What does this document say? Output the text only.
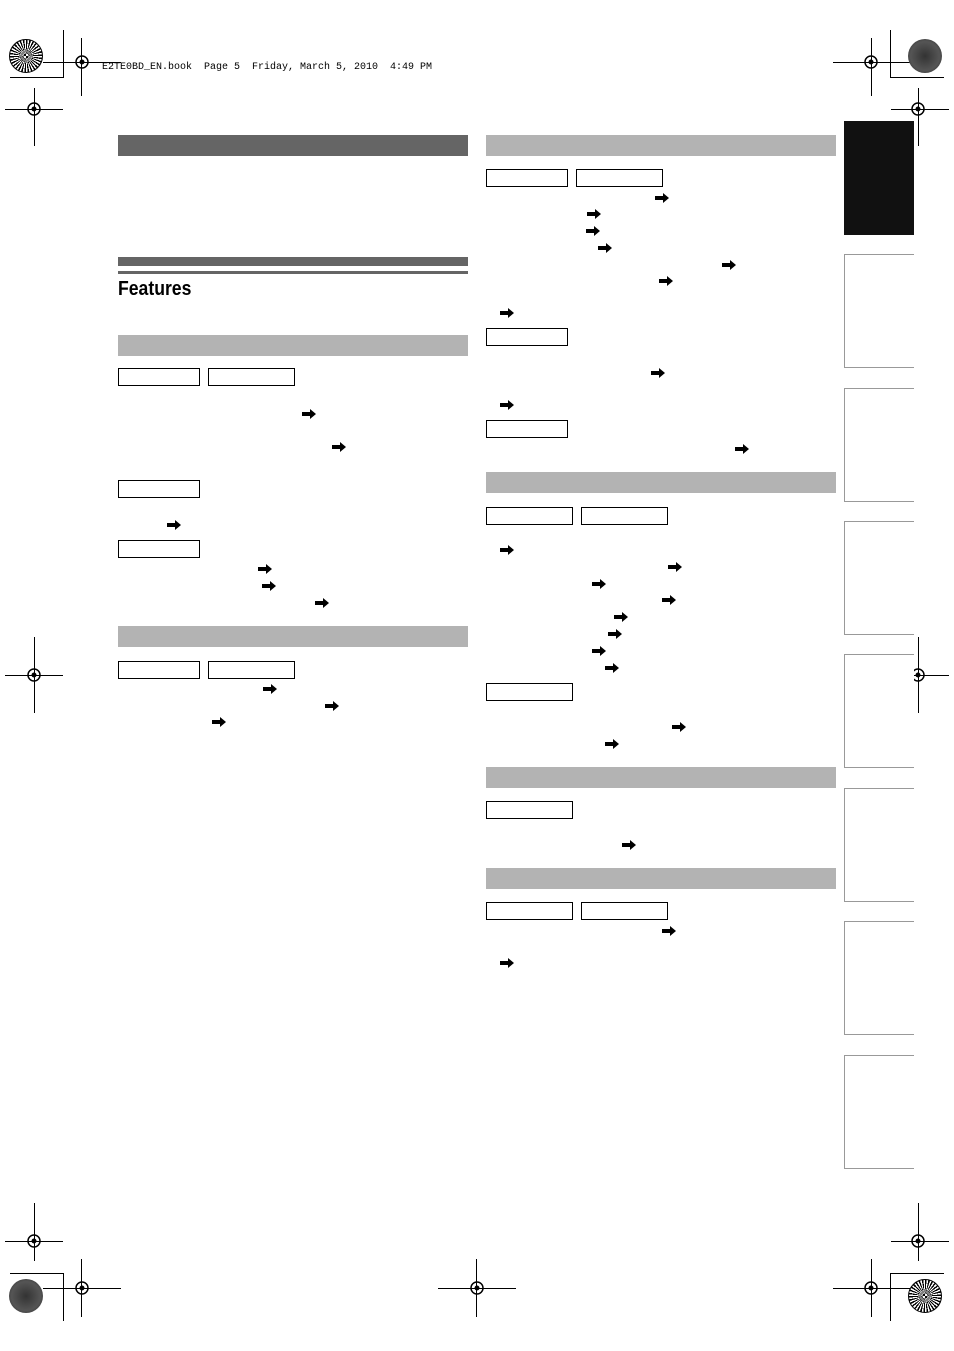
E2TE0BD_EN.book  Page 5  Friday, March 5, 2010  4:49 PM
Features
